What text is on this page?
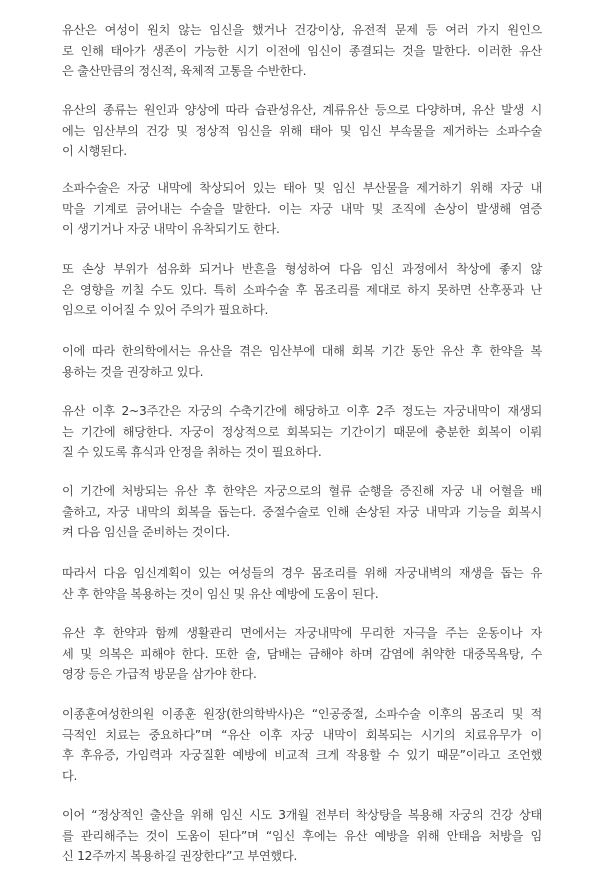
유산은 여성이 원치 않는 임신을 했거나 건강이상, 유전적 문제 등 여러 가지 원인으
로 인해 태아가 생존이 가능한 시기 이전에 임신이 종결되는 것을 말한다. 이러한 유산
은 출산만큼의 정신적, 육체적 고통을 수반한다.

유산의 종류는 원인과 양상에 따라 습관성유산, 계류유산 등으로 다양하며, 유산 발생 시
에는 임산부의 건강 및 정상적 임신을 위해 태아 및 임신 부속물을 제거하는 소파수술
이 시행된다.

소파수술은 자궁 내막에 착상되어 있는 태아 및 임신 부산물을 제거하기 위해 자궁 내
막을 기계로 긁어내는 수술을 말한다. 이는 자궁 내막 및 조직에 손상이 발생해 염증
이 생기거나 자궁 내막이 유착되기도 한다.

또 손상 부위가 섬유화 되거나 반흔을 형성하여 다음 임신 과정에서 착상에 좋지 않
은 영향을 끼칠 수도 있다. 특히 소파수술 후 몸조리를 제대로 하지 못하면 산후풍과 난
임으로 이어질 수 있어 주의가 필요하다.

이에 따라 한의학에서는 유산을 겪은 임산부에 대해 회복 기간 동안 유산 후 한약을 복
용하는 것을 권장하고 있다.

유산 이후 2~3주간은 자궁의 수축기간에 해당하고 이후 2주 정도는 자궁내막이 재생되
는 기간에 해당한다. 자궁이 정상적으로 회복되는 기간이기 때문에 충분한 회복이 이뤄
질 수 있도록 휴식과 안정을 취하는 것이 필요하다.

이 기간에 처방되는 유산 후 한약은 자궁으로의 혈류 순행을 증진해 자궁 내 어혈을 배
출하고, 자궁 내막의 회복을 돕는다. 중절수술로 인해 손상된 자궁 내막과 기능을 회복시
켜 다음 임신을 준비하는 것이다.

따라서 다음 임신계획이 있는 여성들의 경우 몸조리를 위해 자궁내벽의 재생을 돕는 유
산 후 한약을 복용하는 것이 임신 및 유산 예방에 도움이 된다.

유산 후 한약과 함께 생활관리 면에서는 자궁내막에 무리한 자극을 주는 운동이나 자
세 및 의복은 피해야 한다. 또한 술, 담배는 금해야 하며 감염에 취약한 대중목욕탕, 수
영장 등은 가급적 방문을 삼가야 한다.

이종훈여성한의원 이종훈 원장(한의학박사)은 “인공중절, 소파수술 이후의 몸조리 및 적
극적인 치료는 중요하다”며 “유산 이후 자궁 내막이 회복되는 시기의 치료유무가 이
후 후유증, 가임력과 자궁질환 예방에 비교적 크게 작용할 수 있기 때문”이라고 조언했
다.

이어 “정상적인 출산을 위해 임신 시도 3개월 전부터 착상탕을 복용해 자궁의 건강 상태
를 관리해주는 것이 도움이 된다”며 “임신 후에는 유산 예방을 위해 안태음 처방을 임
신 12주까지 복용하길 권장한다”고 부연했다.
